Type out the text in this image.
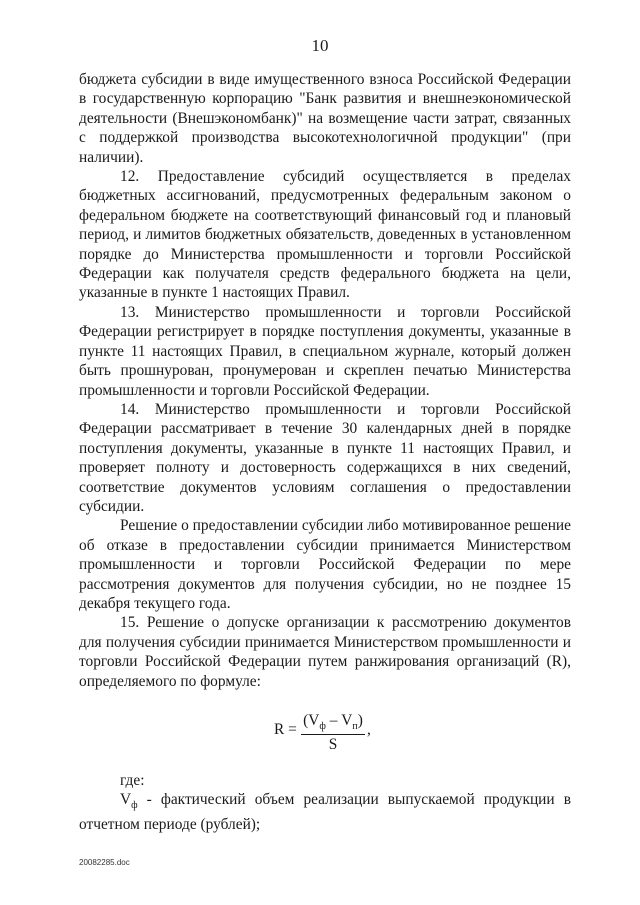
10

бюджета субсидии в виде имущественного взноса Российской Федерации в государственную корпорацию "Банк развития и внешнеэкономической деятельности (Внешэкономбанк)" на возмещение части затрат, связанных с поддержкой производства высокотехнологичной продукции" (при наличии).

12. Предоставление субсидий осуществляется в пределах бюджетных ассигнований, предусмотренных федеральным законом о федеральном бюджете на соответствующий финансовый год и плановый период, и лимитов бюджетных обязательств, доведенных в установленном порядке до Министерства промышленности и торговли Российской Федерации как получателя средств федерального бюджета на цели, указанные в пункте 1 настоящих Правил.

13. Министерство промышленности и торговли Российской Федерации регистрирует в порядке поступления документы, указанные в пункте 11 настоящих Правил, в специальном журнале, который должен быть прошнурован, пронумерован и скреплен печатью Министерства промышленности и торговли Российской Федерации.

14. Министерство промышленности и торговли Российской Федерации рассматривает в течение 30 календарных дней в порядке поступления документы, указанные в пункте 11 настоящих Правил, и проверяет полноту и достоверность содержащихся в них сведений, соответствие документов условиям соглашения о предоставлении субсидии.

Решение о предоставлении субсидии либо мотивированное решение об отказе в предоставлении субсидии принимается Министерством промышленности и торговли Российской Федерации по мере рассмотрения документов для получения субсидии, но не позднее 15 декабря текущего года.

15. Решение о допуске организации к рассмотрению документов для получения субсидии принимается Министерством промышленности и торговли Российской Федерации путем ранжирования организаций (R), определяемого по формуле:

R =
$(V_ф - V_п)$
S
,
где:

$V_ф$ - фактический объем реализации выпускаемой продукции в отчетном периоде (рублей);

20082285.doc
